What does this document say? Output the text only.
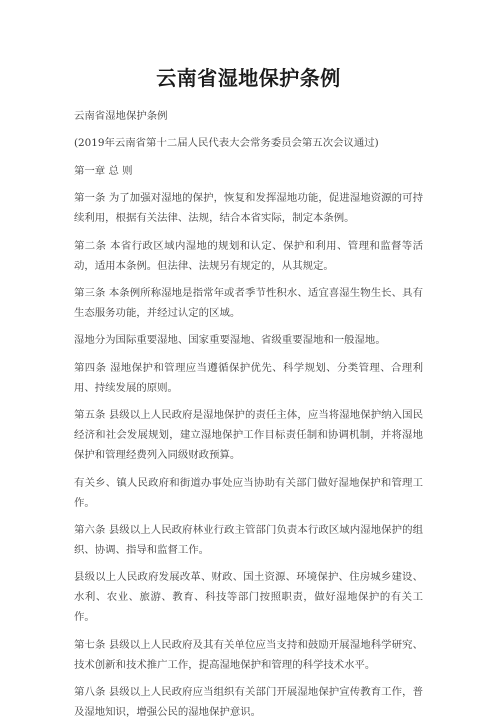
云南省湿地保护条例

云南省湿地保护条例

(2019年云南省第十二届人民代表大会常务委员会第五次会议通过)

第一章 总 则

第一条 为了加强对湿地的保护，恢复和发挥湿地功能，促进湿地资源的可持续利用，根据有关法律、法规，结合本省实际，制定本条例。

第二条 本省行政区域内湿地的规划和认定、保护和利用、管理和监督等活动，适用本条例。但法律、法规另有规定的，从其规定。

第三条 本条例所称湿地是指常年或者季节性积水、适宜喜湿生物生长、具有生态服务功能，并经过认定的区域。

湿地分为国际重要湿地、国家重要湿地、省级重要湿地和一般湿地。

第四条 湿地保护和管理应当遵循保护优先、科学规划、分类管理、合理利用、持续发展的原则。

第五条 县级以上人民政府是湿地保护的责任主体，应当将湿地保护纳入国民经济和社会发展规划，建立湿地保护工作目标责任制和协调机制，并将湿地保护和管理经费列入同级财政预算。

有关乡、镇人民政府和街道办事处应当协助有关部门做好湿地保护和管理工作。

第六条 县级以上人民政府林业行政主管部门负责本行政区域内湿地保护的组织、协调、指导和监督工作。

县级以上人民政府发展改革、财政、国土资源、环境保护、住房城乡建设、水利、农业、旅游、教育、科技等部门按照职责，做好湿地保护的有关工作。

第七条 县级以上人民政府及其有关单位应当支持和鼓励开展湿地科学研究、技术创新和技术推广工作，提高湿地保护和管理的科学技术水平。

第八条 县级以上人民政府应当组织有关部门开展湿地保护宣传教育工作，普及湿地知识，增强公民的湿地保护意识。
